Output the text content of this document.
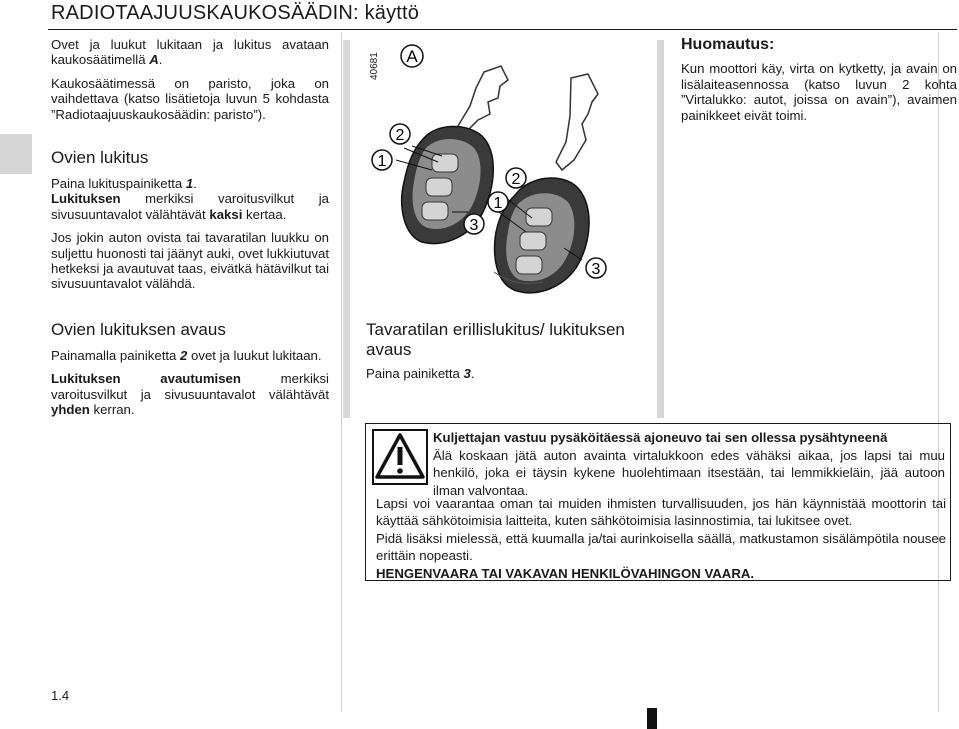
RADIOTAAJUUSKAUKOSÄÄDIN: käyttö

Ovet ja luukut lukitaan ja lukitus avataan kaukosäätimellä A.

Kaukosäätimessä on paristo, joka on vaihdettava (katso lisätietoja luvun 5 kohdasta ”Radiotaajuuskaukosäädin: paristo”).

Ovien lukitus

Paina lukituspainiketta 1.

Lukituksen merkiksi varoitusvilkut ja sivusuuntavalot välähtävät kaksi kertaa.

Jos jokin auton ovista tai tavaratilan luukku on suljettu huonosti tai jäänyt auki, ovet lukkiutuvat hetkeksi ja avautuvat taas, eivätkä hätävilkut tai sivusuuntavalot välähdä.

Ovien lukituksen avaus

Painamalla painiketta 2 ovet ja luukut lukitaan.

Lukituksen avautumisen merkiksi varoitusvilkut ja sivusuuntavalot välähtävät yhden kerran.

A
2
1
3
2
1
3
40681
Huomautus:
Kun moottori käy, virta on kytketty, ja avain on lisälaiteasennossa (katso luvun 2 kohta ”Virtalukko: autot, joissa on avain”), avaimen painikkeet eivät toimi.
Tavaratilan erillislukitus/ lukituksen avaus
Paina painiketta 3.
Kuljettajan vastuu pysäköitäessä ajoneuvo tai sen ollessa pysähtyneenä
Älä koskaan jätä auton avainta virtalukkoon edes vähäksi aikaa, jos lapsi tai muu henkilö, joka ei täysin kykene huolehtimaan itsestään, tai lemmikkieläin, jää autoon ilman valvontaa.

Lapsi voi vaarantaa oman tai muiden ihmisten turvallisuuden, jos hän käynnistää moottorin tai käyttää sähkötoimisia laitteita, kuten sähkötoimisia lasinnostimia, tai lukitsee ovet.

Pidä lisäksi mielessä, että kuumalla ja/tai aurinkoisella säällä, matkustamon sisälämpötila nousee erittäin nopeasti.

HENGENVAARA TAI VAKAVAN HENKILÖVAHINGON VAARA.

1.4
